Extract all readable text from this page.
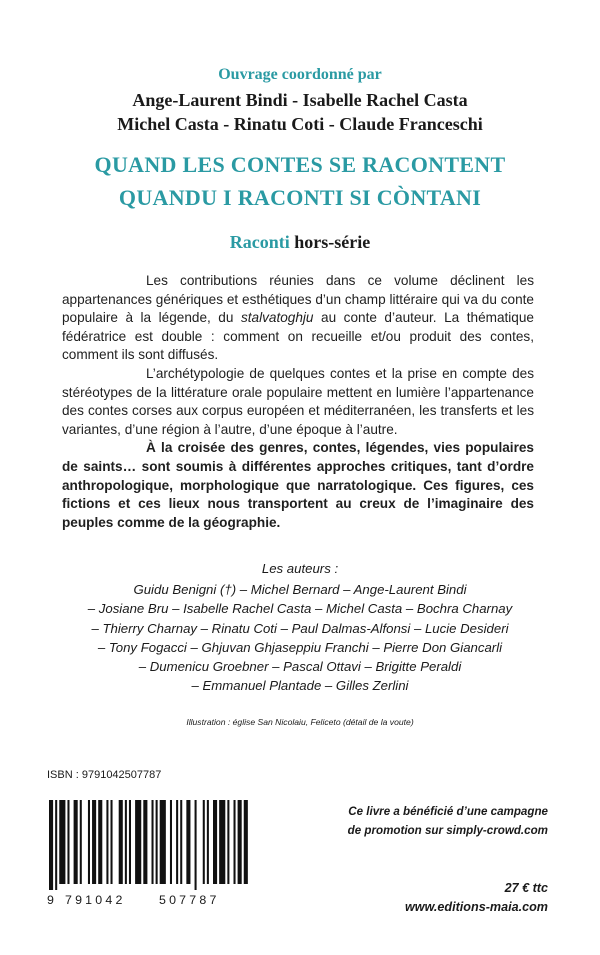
Ouvrage coordonné par
Ange-Laurent Bindi - Isabelle Rachel Casta
Michel Casta - Rinatu Coti - Claude Franceschi
QUAND LES CONTES SE RACONTENT
QUANDU I RACONTI SI CÒNTANI
Raconti hors-série

Les contributions réunies dans ce volume déclinent les appartenances génériques et esthétiques d’un champ littéraire qui va du conte populaire à la légende, du stalvatoghju au conte d’auteur. La thématique fédératrice est double : comment on recueille et/ou produit des contes, comment ils sont diffusés.

L’archétypologie de quelques contes et la prise en compte des stéréotypes de la littérature orale populaire mettent en lumière l’appartenance des contes corses aux corpus européen et méditerranéen, les transferts et les variantes, d’une région à l’autre, d’une époque à l’autre.

À la croisée des genres, contes, légendes, vies populaires de saints… sont soumis à différentes approches critiques, tant d’ordre anthropologique, morphologique que narratologique. Ces figures, ces fictions et ces lieux nous transportent au creux de l’imaginaire des peuples comme de la géographie.

Les auteurs :
Guidu Benigni (†) – Michel Bernard – Ange-Laurent Bindi
– Josiane Bru – Isabelle Rachel Casta – Michel Casta – Bochra Charnay
– Thierry Charnay – Rinatu Coti – Paul Dalmas-Alfonsi – Lucie Desideri
– Tony Fogacci – Ghjuvan Ghjaseppiu Franchi – Pierre Don Giancarli
– Dumenicu Groebner – Pascal Ottavi – Brigitte Peraldi
– Emmanuel Plantade – Gilles Zerlini
Illustration : église San Nicolaiu, Feliceto (détail de la voute)
ISBN : 9791042507787
9 791042	507787
Ce livre a bénéficié d’une campagne
de promotion sur simply-crowd.com
27 € ttc
www.editions-maia.com
